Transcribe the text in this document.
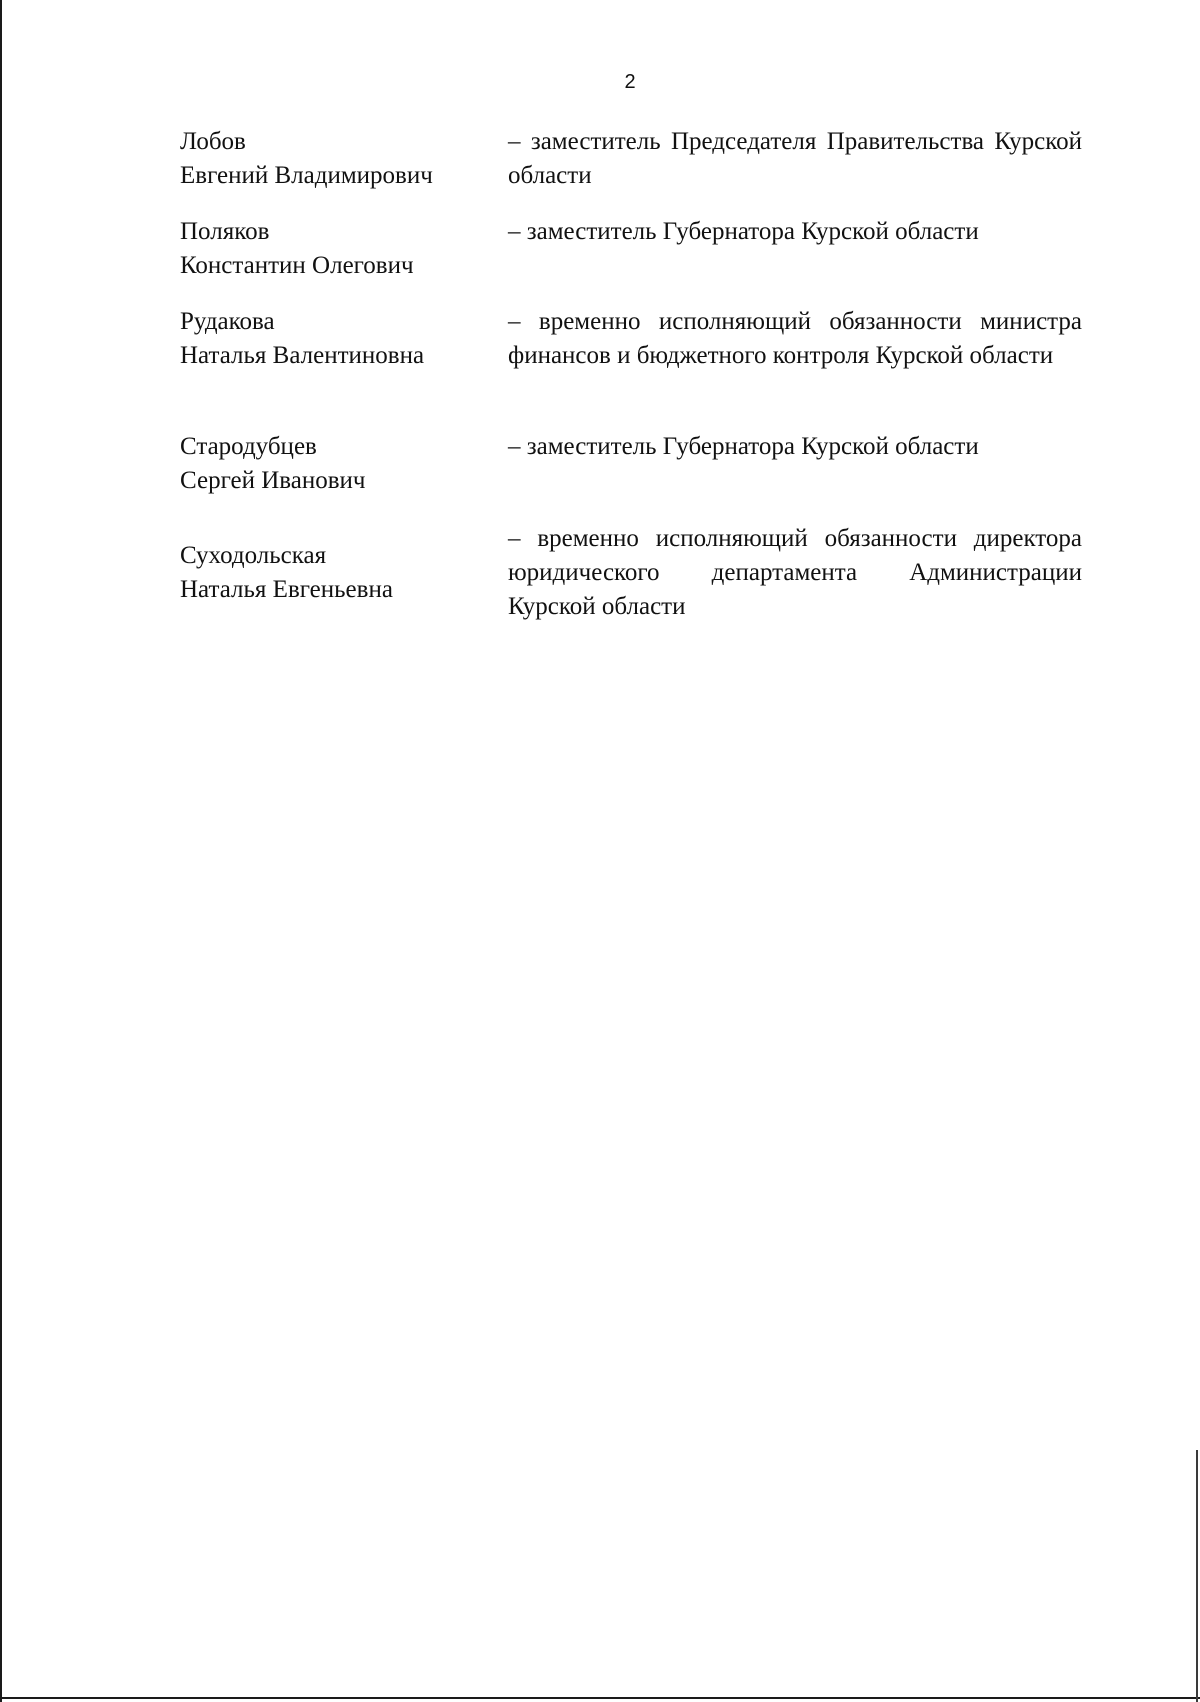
2
Лобов
Евгений Владимирович
– заместитель Председателя Правительства Курской области
Поляков
Константин Олегович
– заместитель Губернатора Курской области
Рудакова
Наталья Валентиновна
– временно исполняющий обязанности министра финансов и бюджетного контроля Курской области
Стародубцев
Сергей Иванович
– заместитель Губернатора Курской области
Суходольская
Наталья Евгеньевна
– временно исполняющий обязанности директора юридического департамента Администрации Курской области
